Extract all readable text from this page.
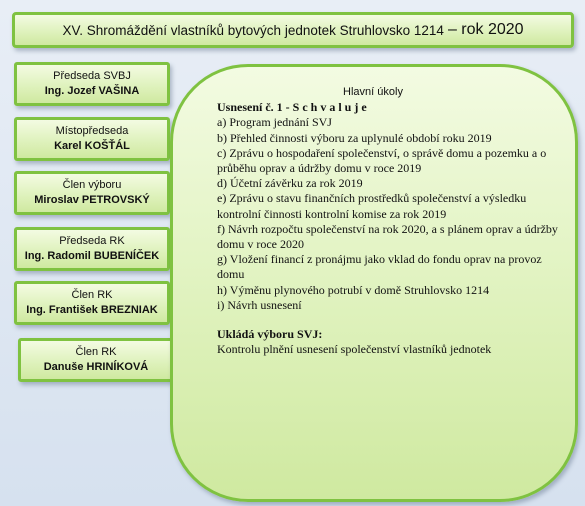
XV. Shromáždění vlastníků bytových jednotek Struhlovsko 1214 – rok 2020
Předseda SVBJ
Ing. Jozef VAŠINA
Místopředseda
Karel KOŠŤÁL
Člen výboru
Miroslav PETROVSKÝ
Předseda RK
Ing. Radomil BUBENÍČEK
Člen RK
Ing. František BREZNIAK
Člen RK
Danuše HRINÍKOVÁ
Hlavní úkoly
Usnesení č. 1 - S c h v a l u j e
a) Program jednání SVJ
b) Přehled činnosti výboru za uplynulé období roku 2019
c) Zprávu o hospodaření společenství, o správě domu a pozemku a o průběhu oprav a údržby domu v roce 2019
d) Účetní závěrku za rok 2019
e) Zprávu o stavu finančních prostředků společenství a výsledku kontrolní činnosti kontrolní komise za rok 2019
f) Návrh rozpočtu společenství na rok 2020, a s plánem oprav a údržby domu v roce 2020
g) Vložení financí z pronájmu jako vklad do fondu oprav na provoz domu
h) Výměnu plynového potrubí v domě Struhlovsko 1214
i) Návrh usnesení
Ukládá výboru SVJ:
Kontrolu plnění usnesení společenství vlastníků jednotek
